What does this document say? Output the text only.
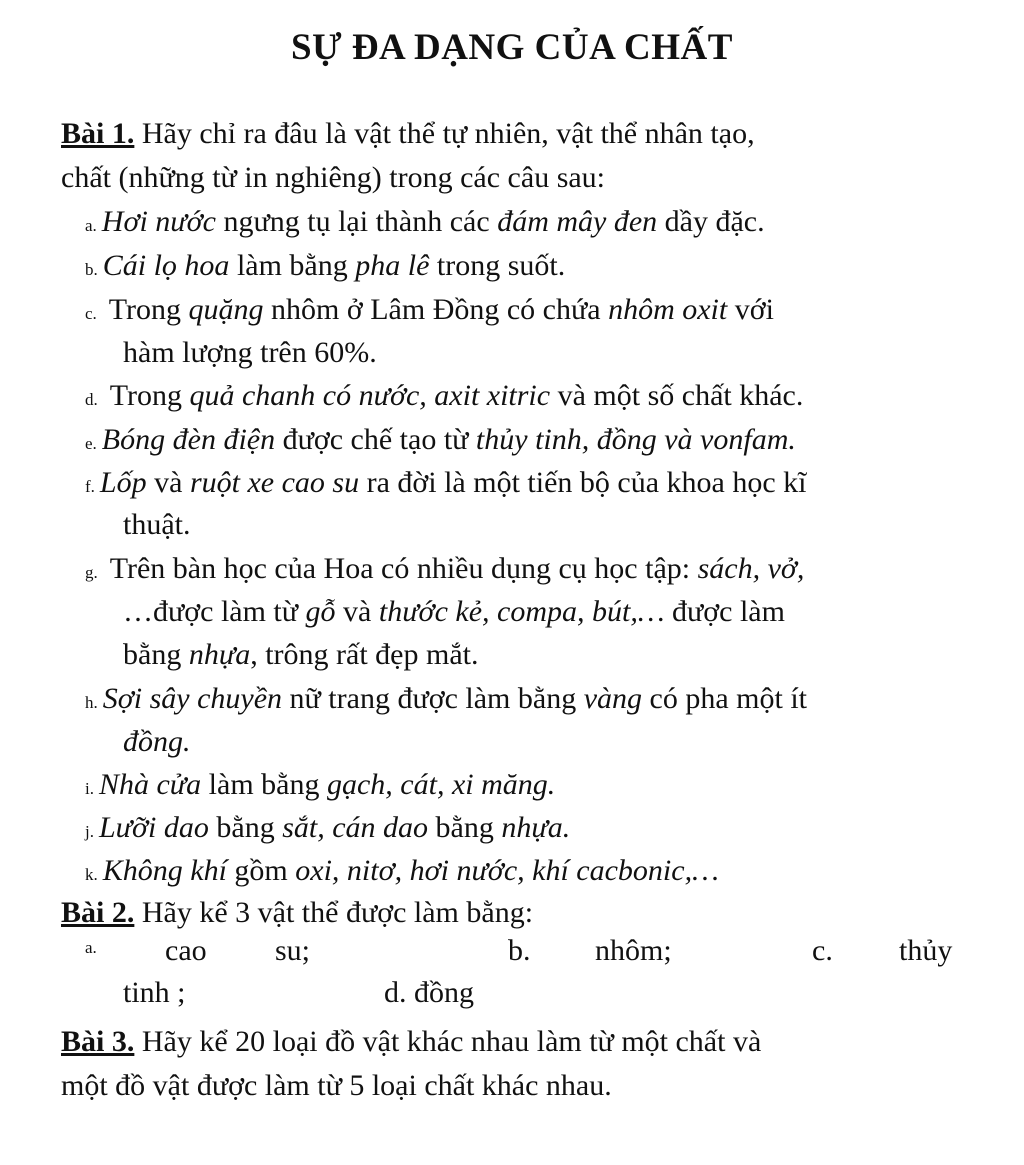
SỰ ĐA DẠNG CỦA CHẤT
Bài 1. Hãy chỉ ra đâu là vật thể tự nhiên, vật thể nhân tạo,
chất (những từ in nghiêng) trong các câu sau:
a. Hơi nước ngưng tụ lại thành các đám mây đen dầy đặc.
b. Cái lọ hoa làm bằng pha lê trong suốt.
c. Trong quặng nhôm ở Lâm Đồng có chứa nhôm oxit với
hàm lượng trên 60%.
d. Trong quả chanh có nước, axit xitric và một số chất khác.
e. Bóng đèn điện được chế tạo từ thủy tinh, đồng và vonfam.
f. Lốp và ruột xe cao su ra đời là một tiến bộ của khoa học kĩ
thuật.
g. Trên bàn học của Hoa có nhiều dụng cụ học tập: sách, vở,
…được làm từ gỗ và thước kẻ, compa, bút,… được làm
bằng nhựa, trông rất đẹp mắt.
h. Sợi sây chuyền nữ trang được làm bằng vàng có pha một ít
đồng.
i. Nhà cửa làm bằng gạch, cát, xi măng.
j. Lưỡi dao bằng sắt, cán dao bằng nhựa.
k. Không khí gồm oxi, nitơ, hơi nước, khí cacbonic,…
Bài 2. Hãy kể 3 vật thể được làm bằng:
a. cao su;	b. nhôm;	c. thủy
tinh ;	d. đồng
Bài 3. Hãy kể 20 loại đồ vật khác nhau làm từ một chất và
một đồ vật được làm từ 5 loại chất khác nhau.
